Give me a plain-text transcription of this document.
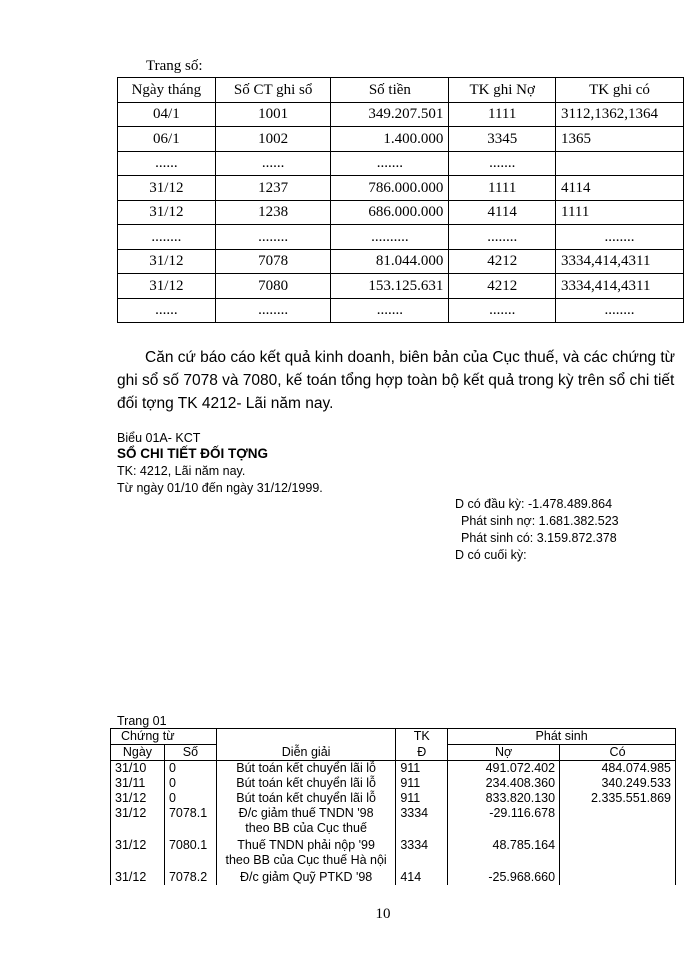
Trang số:
Ngày tháng	Số CT ghi sổ	Số tiền	TK ghi Nợ	TK ghi có
04/1	1001	349.207.501	1111	3112,1362,1364
06/1	1002	1.400.000	3345	1365
......	......	.......	.......	
31/12	1237	786.000.000	1111	4114
31/12	1238	686.000.000	4114	1111
........	........	..........	........	........
31/12	7078	81.044.000	4212	3334,414,4311
31/12	7080	153.125.631	4212	3334,414,4311
......	........	.......	.......	........
Căn cứ báo cáo kết quả kinh doanh, biên bản của Cục thuế, và các chứng từ
ghi sổ số 7078 và 7080, kế toán tổng hợp toàn bộ kết quả trong kỳ trên sổ chi tiết
đối tợng TK 4212- Lãi năm nay.
Biểu 01A- KCT
SỔ CHI TIẾT ĐỐI TỢNG
TK: 4212, Lãi năm nay.
Từ ngày 01/10 đến ngày 31/12/1999.
D có đầu kỳ: -1.478.489.864
Phát sinh nợ: 1.681.382.523
Phát sinh có: 3.159.872.378
D có cuối kỳ:
Trang 01
Chứng từ			TK	Phát sinh	
Ngày	Số	Diễn giải	Đ	Nợ	Có
31/10	0	Bút toán kết chuyển lãi lỗ	911	491.072.402	484.074.985
31/11	0	Bút toán kết chuyển lãi lỗ	911	234.408.360	340.249.533
31/12	0	Bút toán kết chuyển lãi lỗ	911	833.820.130	2.335.551.869
31/12	7078.1	Đ/c giảm thuế TNDN '98
theo BB của Cục thuế	3334	-29.116.678	
31/12	7080.1	Thuế TNDN phải nộp '99
theo BB của Cục thuế Hà nội	3334	48.785.164	
31/12	7078.2	Đ/c giảm Quỹ PTKD '98	414	-25.968.660	
10
